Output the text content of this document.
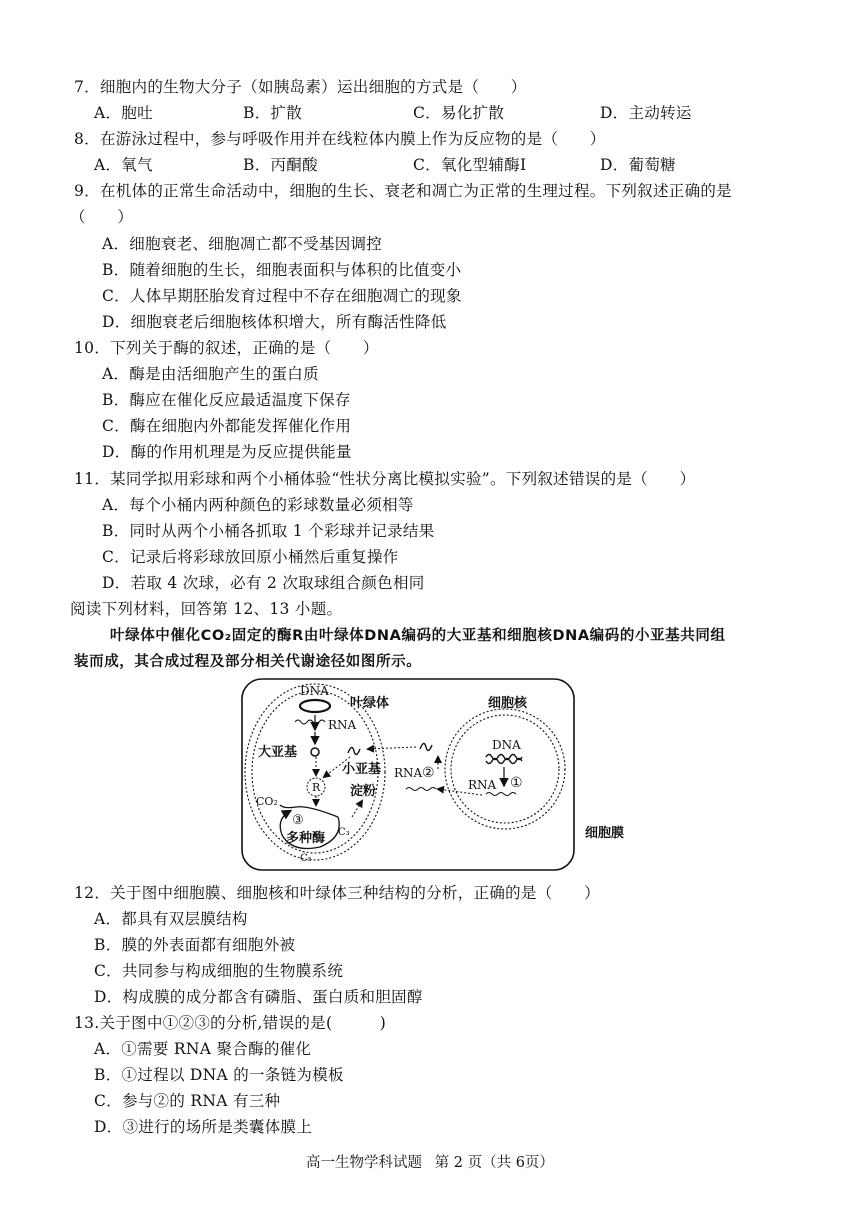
7．细胞内的生物大分子（如胰岛素）运出细胞的方式是（　　）
A．胞吐	B．扩散	C．易化扩散	D．主动转运
8．在游泳过程中，参与呼吸作用并在线粒体内膜上作为反应物的是（　　）
A．氧气	B．丙酮酸	C．氧化型辅酶Ⅰ	D．葡萄糖
9．在机体的正常生命活动中，细胞的生长、衰老和凋亡为正常的生理过程。下列叙述正确的是
（　　）
A．细胞衰老、细胞凋亡都不受基因调控
B．随着细胞的生长，细胞表面积与体积的比值变小
C．人体早期胚胎发育过程中不存在细胞凋亡的现象
D．细胞衰老后细胞核体积增大，所有酶活性降低
10．下列关于酶的叙述，正确的是（　　）
A．酶是由活细胞产生的蛋白质
B．酶应在催化反应最适温度下保存
C．酶在细胞内外都能发挥催化作用
D．酶的作用机理是为反应提供能量
11．某同学拟用彩球和两个小桶体验“性状分离比模拟实验”。下列叙述错误的是（　　）
A．每个小桶内两种颜色的彩球数量必须相等
B．同时从两个小桶各抓取 1 个彩球并记录结果
C．记录后将彩球放回原小桶然后重复操作
D．若取 4 次球，必有 2 次取球组合颜色相同
阅读下列材料，回答第 12、13 小题。
叶绿体中催化CO₂固定的酶R由叶绿体DNA编码的大亚基和细胞核DNA编码的小亚基共同组
装而成，其合成过程及部分相关代谢途径如图所示。
DNA
RNA
叶绿体
大亚基
小亚基
R 淀粉
CO₂
③
多种酶 C₃
C₅
细胞核
DNA
RNA ①
RNA ②
细胞膜
12．关于图中细胞膜、细胞核和叶绿体三种结构的分析，正确的是（　　）
A．都具有双层膜结构
B．膜的外表面都有细胞外被
C．共同参与构成细胞的生物膜系统
D．构成膜的成分都含有磷脂、蛋白质和胆固醇
13.关于图中①②③的分析,错误的是(　　　)
A．①需要 RNA 聚合酶的催化
B．①过程以 DNA 的一条链为模板
C．参与②的 RNA 有三种
D．③进行的场所是类囊体膜上
高一生物学科试题 第 2 页（共 6页）
